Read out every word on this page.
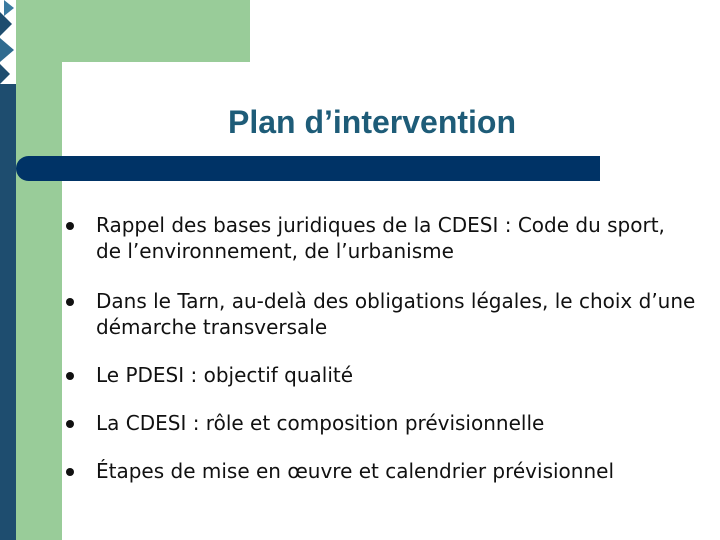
Plan d’intervention
Rappel des bases juridiques de la CDESI : Code du sport, de l’environnement, de l’urbanisme
Dans le Tarn, au-delà des obligations légales, le choix d’une démarche transversale
Le PDESI : objectif qualité
La CDESI : rôle et composition prévisionnelle
Étapes de mise en œuvre et calendrier prévisionnel
